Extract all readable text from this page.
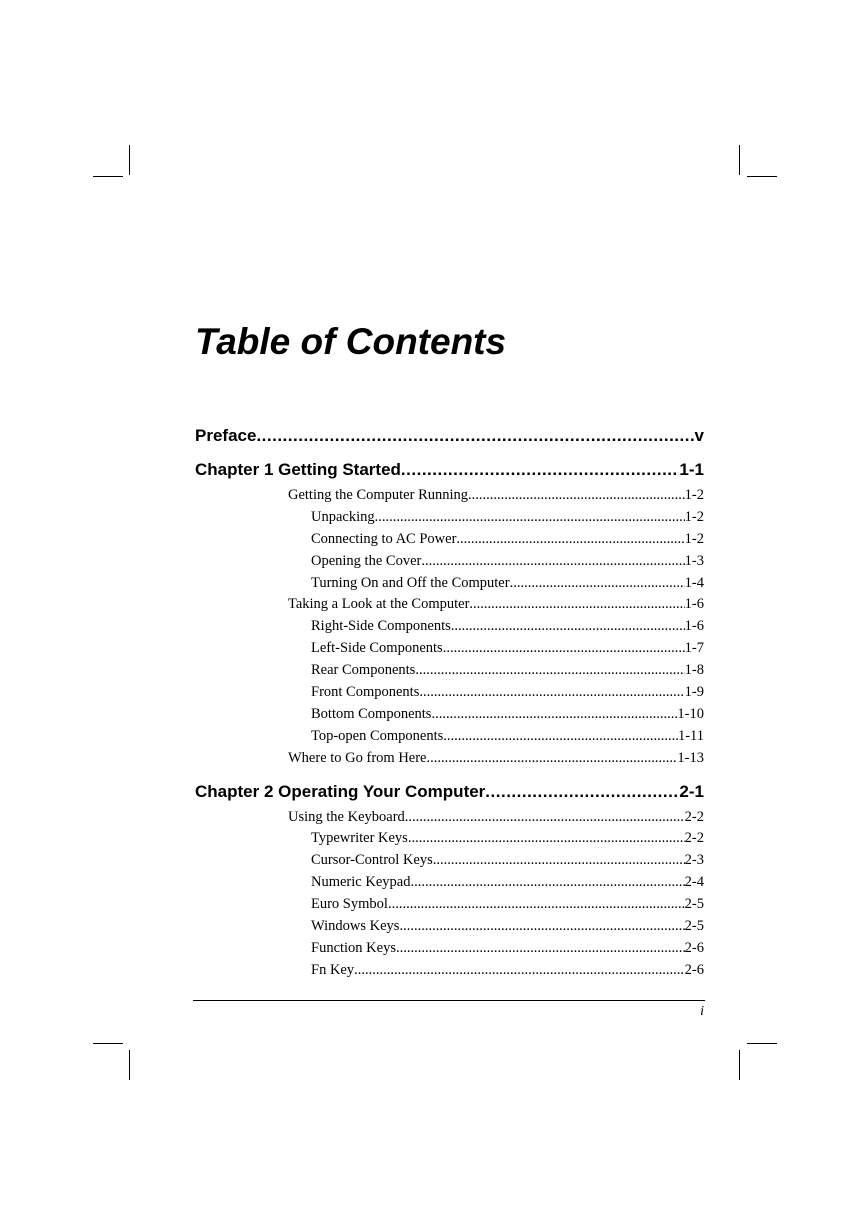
Table of Contents
Preface .....	v
Chapter 1 Getting Started .....	1-1
Getting the Computer Running .....	1-2
Unpacking .....	1-2
Connecting to AC Power .....	1-2
Opening the Cover .....	1-3
Turning On and Off the Computer .....	1-4
Taking a Look at the Computer .....	1-6
Right-Side Components .....	1-6
Left-Side Components .....	1-7
Rear Components .....	1-8
Front Components .....	1-9
Bottom Components .....	1-10
Top-open Components .....	1-11
Where to Go from Here .....	1-13
Chapter 2 Operating Your Computer .....	2-1
Using the Keyboard .....	2-2
Typewriter Keys .....	2-2
Cursor-Control Keys .....	2-3
Numeric Keypad .....	2-4
Euro Symbol .....	2-5
Windows Keys .....	2-5
Function Keys .....	2-6
Fn Key .....	2-6
i
